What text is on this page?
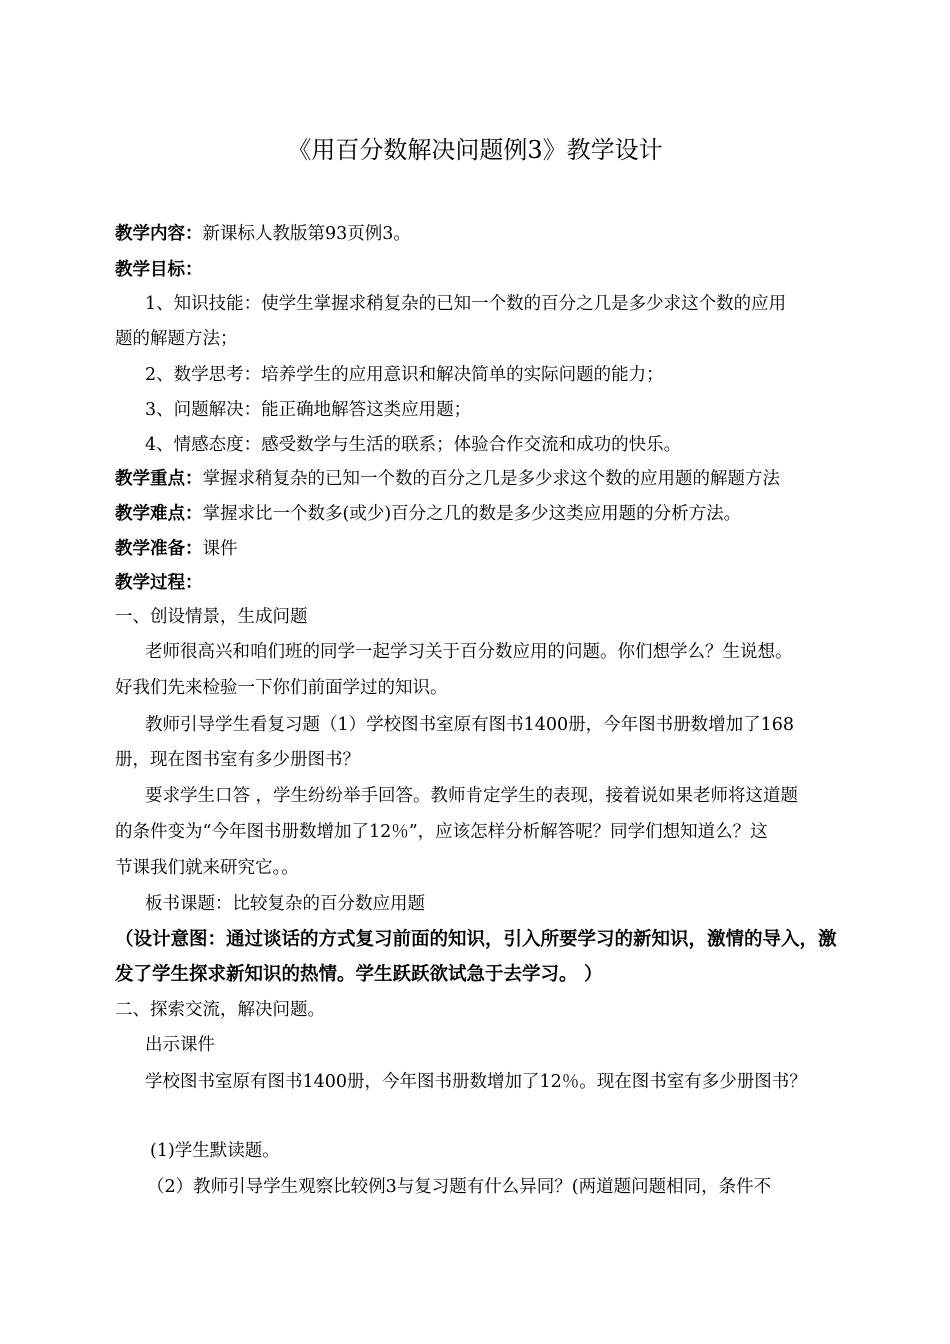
《用百分数解决问题例3》教学设计
教学内容：新课标人教版第93页例3。
教学目标：
1、知识技能：使学生掌握求稍复杂的已知一个数的百分之几是多少求这个数的应用
题的解题方法；
2、数学思考：培养学生的应用意识和解决简单的实际问题的能力；
3、问题解决：能正确地解答这类应用题；
4、情感态度：感受数学与生活的联系；体验合作交流和成功的快乐。
教学重点：掌握求稍复杂的已知一个数的百分之几是多少求这个数的应用题的解题方法
教学难点：掌握求比一个数多(或少)百分之几的数是多少这类应用题的分析方法。
教学准备：课件
教学过程：
一、创设情景，生成问题
老师很高兴和咱们班的同学一起学习关于百分数应用的问题。你们想学么？生说想。
好我们先来检验一下你们前面学过的知识。
教师引导学生看复习题（1）学校图书室原有图书1400册，今年图书册数增加了168
册，现在图书室有多少册图书？
要求学生口答 ，学生纷纷举手回答。教师肯定学生的表现，接着说如果老师将这道题
的条件变为“今年图书册数增加了12％”，应该怎样分析解答呢？同学们想知道么？这
节课我们就来研究它。。
板书课题：比较复杂的百分数应用题
（设计意图：通过谈话的方式复习前面的知识，引入所要学习的新知识，激情的导入，激
发了学生探求新知识的热情。学生跃跃欲试急于去学习。 ）
二、探索交流，解决问题。
出示课件
学校图书室原有图书1400册，今年图书册数增加了12％。现在图书室有多少册图书？
(1)学生默读题。
（2）教师引导学生观察比较例3与复习题有什么异同？(两道题问题相同，条件不
